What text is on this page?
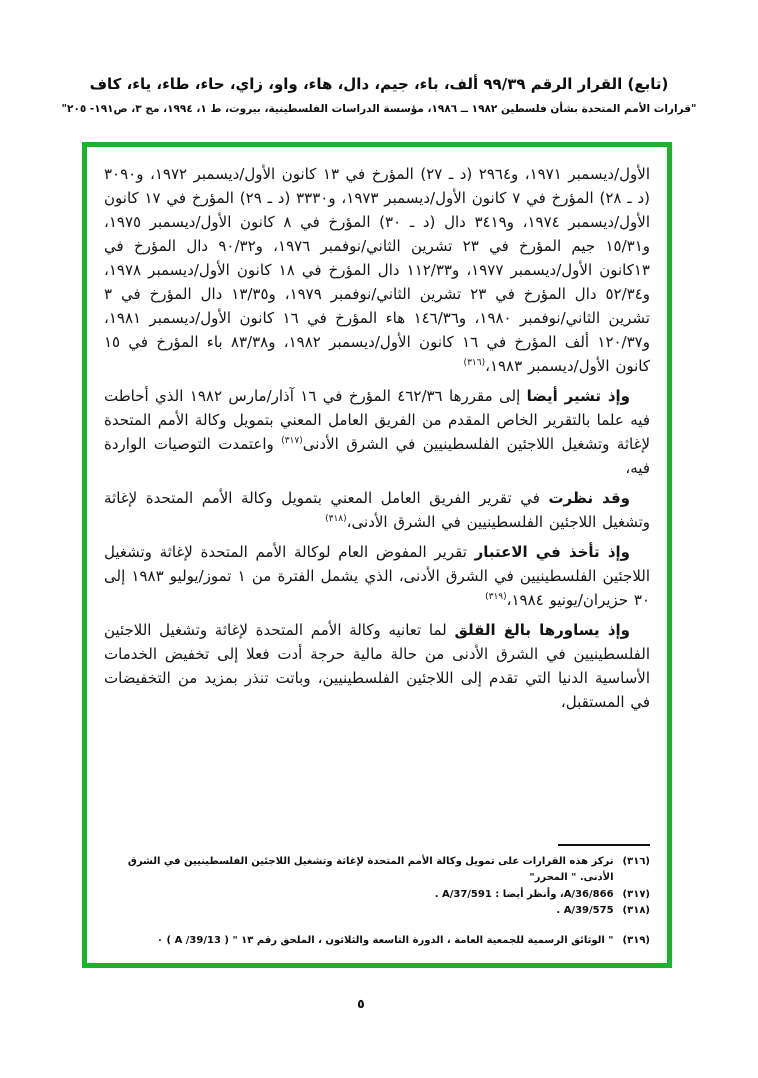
(تابع) القرار الرقم ٩٩/٣٩ ألف، باء، جيم، دال، هاء، واو، زاي، حاء، طاء، ياء، كاف
"قرارات الأمم المتحدة بشأن فلسطين ١٩٨٢ ــ ١٩٨٦، مؤسسة الدراسات الفلسطينية، بيروت، ط ١، ١٩٩٤، مج ٣، ص١٩١- ٢٠٥"

الأول/ديسمبر ١٩٧١، و٢٩٦٤ (د ـ ٢٧) المؤرخ في ١٣ كانون الأول/ديسمبر ١٩٧٢، و٣٠٩٠ (د ـ ٢٨) المؤرخ في ٧ كانون الأول/ديسمبر ١٩٧٣، و٣٣٣٠ (د ـ ٢٩) المؤرخ في ١٧ كانون الأول/ديسمبر ١٩٧٤، و٣٤١٩ دال (د ـ ٣٠) المؤرخ في ٨ كانون الأول/ديسمبر ١٩٧٥، و١٥/٣١ جيم المؤرخ في ٢٣ تشرين الثاني/نوفمبر ١٩٧٦، و٩٠/٣٢ دال المؤرخ في ١٣كانون الأول/ديسمبر ١٩٧٧، و١١٢/٣٣ دال المؤرخ في ١٨ كانون الأول/ديسمبر ١٩٧٨، و٥٢/٣٤ دال المؤرخ في ٢٣ تشرين الثاني/نوفمبر ١٩٧٩، و١٣/٣٥ دال المؤرخ في ٣ تشرين الثاني/نوفمبر ١٩٨٠، و١٤٦/٣٦ هاء المؤرخ في ١٦ كانون الأول/ديسمبر ١٩٨١، و١٢٠/٣٧ ألف المؤرخ في ١٦ كانون الأول/ديسمبر ١٩٨٢، و٨٣/٣٨ باء المؤرخ في ١٥ كانون الأول/ديسمبر ١٩٨٣،$^{(٣١٦)}$

وإذ تشير أيضا إلى مقررها ٤٦٢/٣٦ المؤرخ في ١٦ آذار/مارس ١٩٨٢ الذي أحاطت فيه علما بالتقرير الخاص المقدم من الفريق العامل المعني بتمويل وكالة الأمم المتحدة لإغاثة وتشغيل اللاجئين الفلسطينيين في الشرق الأدنى$^{(٣١٧)}$ واعتمدت التوصيات الواردة فيه،

وقد نظرت في تقرير الفريق العامل المعني بتمويل وكالة الأمم المتحدة لإغاثة وتشغيل اللاجئين الفلسطينيين في الشرق الأدنى،$^{(٣١٨)}$

وإذ تأخذ في الاعتبار تقرير المفوض العام لوكالة الأمم المتحدة لإغاثة وتشغيل اللاجئين الفلسطينيين في الشرق الأدنى، الذي يشمل الفترة من ١ تموز/يوليو ١٩٨٣ إلى ٣٠ حزيران/يونيو ١٩٨٤،$^{(٣١٩)}$

وإذ يساورها بالغ القلق لما تعانيه وكالة الأمم المتحدة لإغاثة وتشغيل اللاجئين الفلسطينيين في الشرق الأدنى من حالة مالية حرجة أدت فعلا إلى تخفيض الخدمات الأساسية الدنيا التي تقدم إلى اللاجئين الفلسطينيين، وباتت تنذر بمزيد من التخفيضات في المستقبل،

(٣١٦)
تركز هذه القرارات على تمويل وكالة الأمم المتحدة لإغاثة وتشغيل اللاجئين الفلسطينيين في الشرق الأدنى. " المحرر"
(٣١٧)
A/36/866، وأنظر أيضا : A/37/591 .
(٣١٨)
A/39/575 .
(٣١٩)
" الوثائق الرسمية للجمعية العامة ، الدورة التاسعة والثلاثون ، الملحق رقم ١٣ " ( A /39/13 ) ٠
٥
